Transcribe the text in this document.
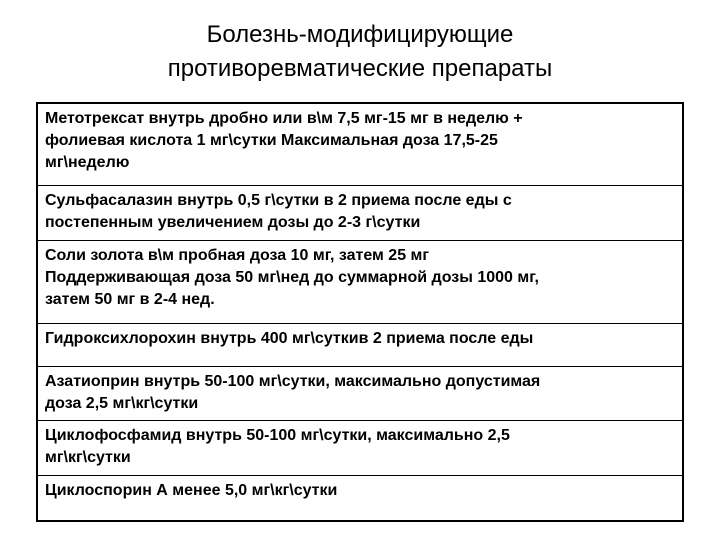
Болезнь-модифицирующие
противоревматические препараты
Метотрексат внутрь дробно или в\м 7,5 мг-15 мг в неделю +
фолиевая кислота 1 мг\сутки Максимальная доза 17,5-25
мг\неделю
Сульфасалазин внутрь 0,5 г\сутки в 2 приема после еды с
постепенным увеличением дозы до 2-3 г\сутки
Соли золота в\м пробная доза 10 мг, затем 25 мг
Поддерживающая доза 50 мг\нед до суммарной дозы 1000 мг,
затем 50 мг в 2-4 нед.
Гидроксихлорохин внутрь 400 мг\суткив 2 приема после еды
Азатиоприн внутрь 50-100 мг\сутки, максимально допустимая
доза 2,5 мг\кг\сутки
Циклофосфамид внутрь 50-100 мг\сутки, максимально 2,5
мг\кг\сутки
Циклоспорин А менее 5,0 мг\кг\сутки
